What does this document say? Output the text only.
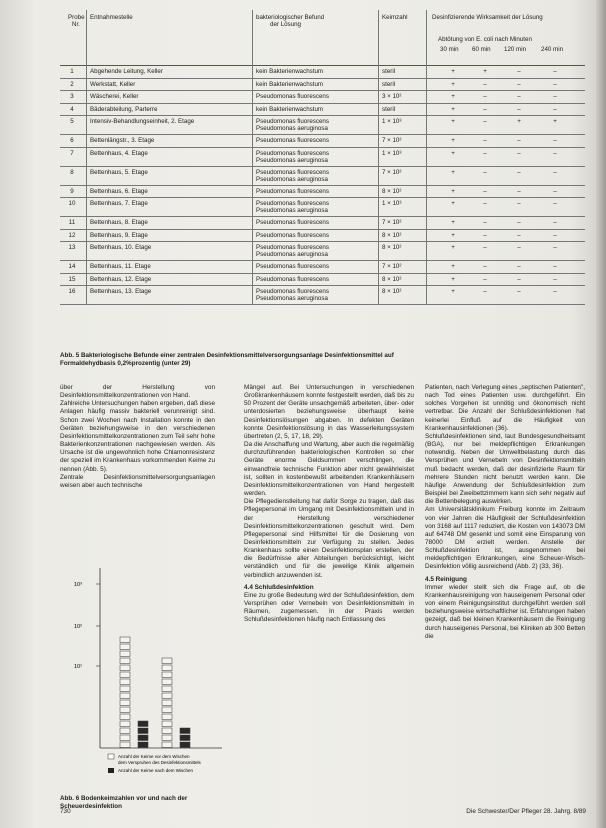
Probe
Nr.
Entnahmestelle	bakteriologischer Befund
der Lösung
Keimzahl	Desinfizierende Wirksamkeit der Lösung
Abtötung von E. coli nach Minuten
30 min 60 min 120 min 240 min
1	Abgehende Leitung, Keller	kein Bakterienwachstum	steril	+	+	–	–
2	Werkstatt, Keller	kein Bakterienwachstum	steril	+	–	–	–
3	Wäscherei, Keller	Pseudomonas fluorescens	3 × 10²	+	–	–	–
4	Bäderabteilung, Parterre	kein Bakterienwachstum	steril	+	–	–	–
5	Intensiv-Behandlungseinheit, 2. Etage	Pseudomonas fluorescens
Pseudomonas aeruginosa
1 × 10³	+	–	+	+
6	Bettenlängstr., 3. Etage	Pseudomonas fluorescens	7 × 10²	+	–	–	–
7	Bettenhaus, 4. Etage	Pseudomonas fluorescens
Pseudomonas aeruginosa
1 × 10³	+	–	–	–
8	Bettenhaus, 5. Etage	Pseudomonas fluorescens
Pseudomonas aeruginosa
7 × 10²	+	–	–	–
9	Bettenhaus, 6. Etage	Pseudomonas fluorescens	8 × 10²	+	–	–	–
10	Bettenhaus, 7. Etage	Pseudomonas fluorescens
Pseudomonas aeruginosa
1 × 10³	+	–	–	–
11	Bettenhaus, 8. Etage	Pseudomonas fluorescens	7 × 10²	+	–	–	–
12	Bettenhaus, 9. Etage	Pseudomonas fluorescens	8 × 10²	+	–	–	–
13	Bettenhaus, 10. Etage	Pseudomonas fluorescens
Pseudomonas aeruginosa
8 × 10²	+	–	–	–
14	Bettenhaus, 11. Etage	Pseudomonas fluorescens	7 × 10²	+	–	–	–
15	Bettenhaus, 12. Etage	Pseudomonas fluorescens	8 × 10²	+	–	–	–
16	Bettenhaus, 13. Etage	Pseudomonas fluorescens
Pseudomonas aeruginosa
8 × 10²	+	–	–	–
Abb. 5 Bakteriologische Befunde einer zentralen Desinfektionsmittelversorgungsanlage Desinfektionsmittel auf Formaldehydbasis 0,2%prozentig (unter 29)

über der Herstellung von Desinfektionsmittelkonzentrationen von Hand.

Zahlreiche Untersuchungen haben ergeben, daß diese Anlagen häufig massiv bakteriell verunreinigt sind. Schon zwei Wochen nach Installation konnte in den Geräten beziehungsweise in den verschiedenen Desinfektionsmittelkonzentrationen zum Teil sehr hohe Bakterienkonzentrationen nachgewiesen werden. Als Ursache ist die ungewohnlich hohe Chlamonresistenz der speziell im Krankenhaus vorkommenden Keime zu nennen (Abb. 5).

Zentrale Desinfektionsmittelversorgungsanlagen weisen aber auch technische

Mängel auf. Bei Untersuchungen in verschiedenen Großkrankenhäusern konnte festgestellt werden, daß bis zu 50 Prozent der Geräte unsachgemäß arbeiteten, über- oder unterdosierten beziehungsweise überhaupt keine Desinfektionslösungen abgaben. In defekten Geräten konnte Desinfektionslösung in das Wasserleitungssystem übertreten (2, 5, 17, 18, 29).

Da die Anschaffung und Wartung, aber auch die regelmäßig durchzuführenden bakteriologischen Kontrollen so cher Geräte enorme Geldsummen verschlingen, die einwandfreie technische Funktion aber nicht gewährleistet ist, sollten in kostenbewußt arbeitenden Krankenhäusern Desinfektionsmittelkonzentrationen von Hand hergestellt werden.

Die Pflegedienstleitung hat dafür Sorge zu tragen, daß das Pflegepersonal im Umgang mit Desinfektionsmitteln und in der Herstellung verschiedener Desinfektionsmittelkonzentrationen geschult wird. Dem Pflegepersonal sind Hilfsmittel für die Dosierung von Desinfektionsmitteln zur Verfügung zu stellen. Jedes Krankenhaus sollte einen Desinfektionsplan erstellen, der die Bedürfnisse aller Abteilungen berücksichtigt, leicht verständlich und für die jeweilige Klinik allgemein verbindlich anzuwenden ist.

4.4 Schlußdesinfektion

Eine zu große Bedeutung wird der Schlußdesinfektion, dem Versprühen oder Vernebeln von Desinfektionsmitteln in Räumen, zugemessen. In der Praxis werden Schlußdesinfektionen häufig nach Entlassung des

Patienten, nach Verlegung eines „septischen Patienten", nach Tod eines Patienten usw. durchgeführt. Ein solches Vorgehen ist unnötig und ökonomisch nicht vertretbar. Die Anzahl der Schlußdesinfektionen hat keinerlei Einfluß auf die Häufigkeit von Krankenhausinfektionen (36).

Schlußdesinfektionen sind, laut Bundesgesundheitsamt (BGA), nur bei meldepflichtigen Erkrankungen notwendig. Neben der Umweltbelastung durch das Versprühen und Vernebeln von Desinfektionsmitteln muß bedacht werden, daß der desinfizierte Raum für mehrere Stunden nicht benutzt werden kann. Die häufige Anwendung der Schlußdesinfektion zum Beispiel bei Zweibettzimmern kann sich sehr negativ auf die Bettenbelegung auswirken.

Am Universitätsklinikum Freiburg konnte im Zeitraum von vier Jahren die Häufigkeit der Schlußdesinfektion von 3168 auf 1117 reduziert, die Kosten von 143073 DM auf 64748 DM gesenkt und somit eine Einsparung von 78000 DM erzielt werden. Anstelle der Schlußdesinfektion ist, ausgenommen bei meldepflichtigen Erkrankungen, eine Scheuer-Wisch-Desinfektion völlig ausreichend (Abb. 2) (33, 36).

4.5 Reinigung

Immer wieder stellt sich die Frage auf, ob die Krankenhausreinigung von hauseigenem Personal oder von einem Reinigungsinstitut durchgeführt werden soll beziehungsweise wirtschaftlicher ist. Erfahrungen haben gezeigt, daß bei kleinen Krankenhäusern die Reinigung durch hauseigenes Personal, bei Kliniken ab 300 Betten die

10³
10²
10¹
Anzahl der Keime vor dem Wischen
dem Verspruhen des Desinfektionsmittels
Anzahl der Keime nach dem Wischen
Abb. 6 Bodenkeimzahlen vor und nach der Scheuerdesinfektion
730	Die Schwester/Der Pfleger 28. Jahrg. 8/89
